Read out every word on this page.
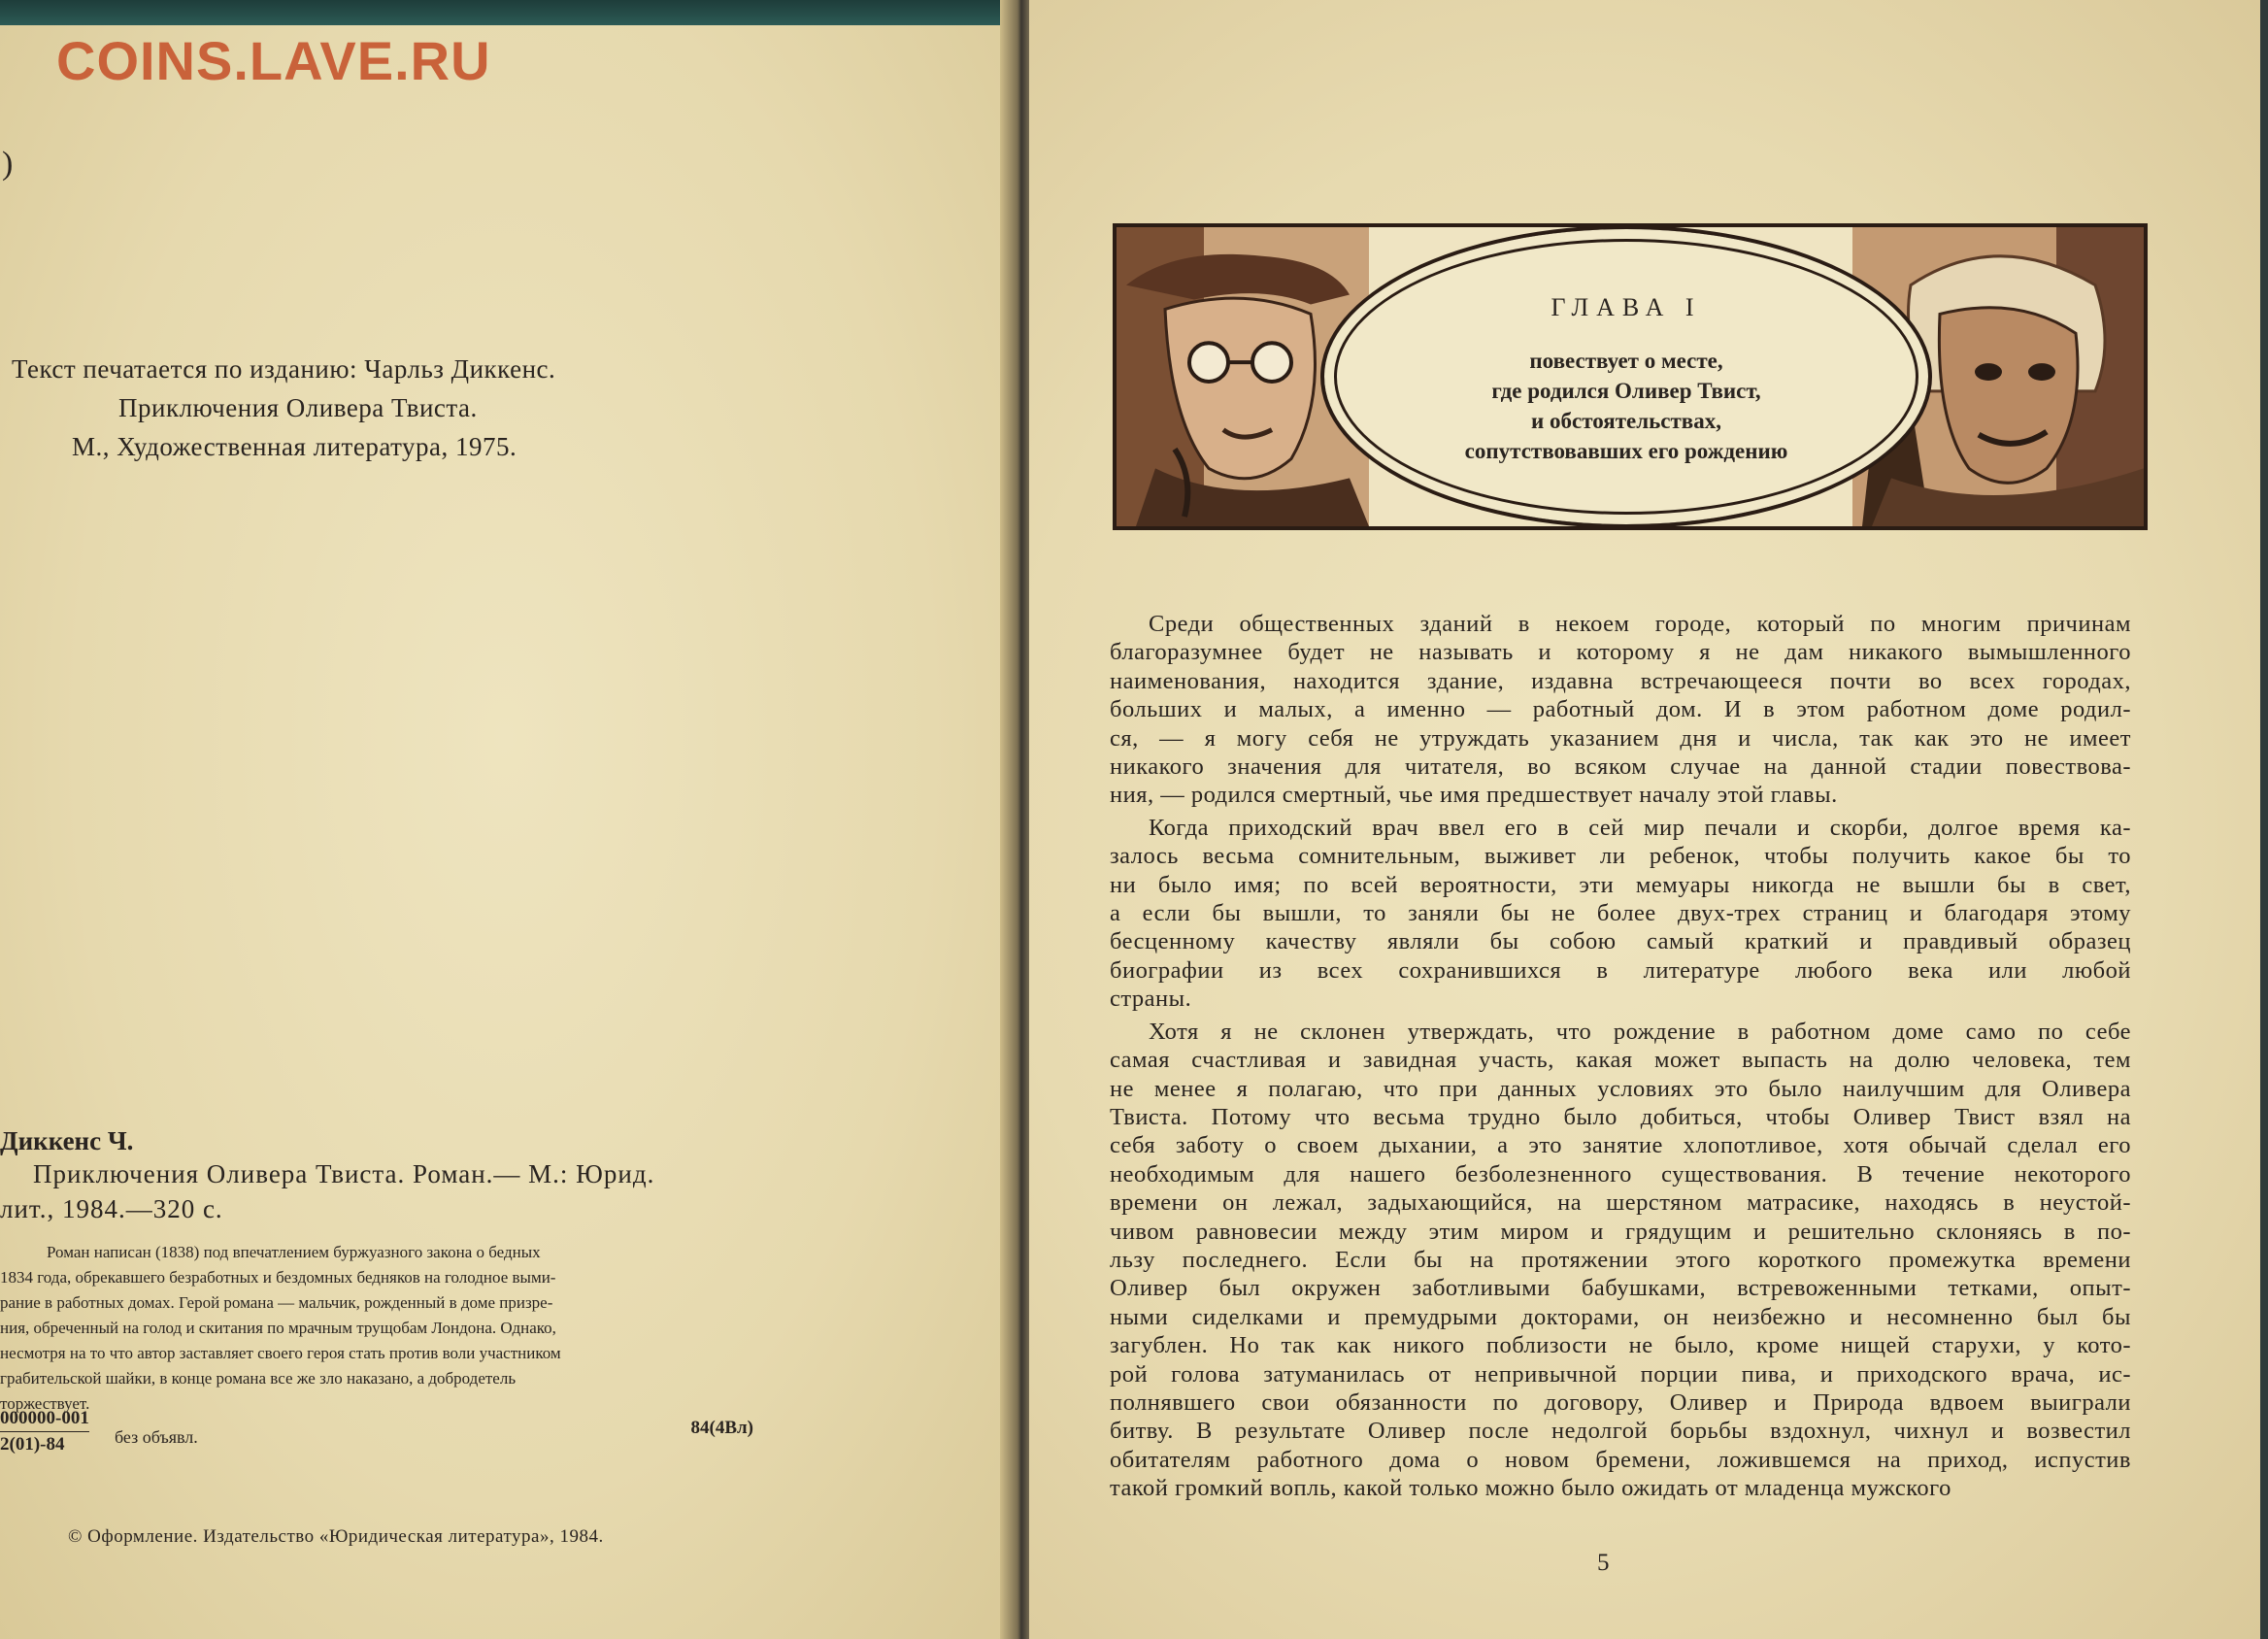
COINS.LAVE.RU
)
Текст печатается по изданию: Чарльз Диккенс.
Приключения Оливера Твиста.
М., Художественная литература, 1975.
Диккенс Ч.
Приключения Оливера Твиста. Роман.— М.: Юрид.
лит., 1984.—320 с.
Роман написан (1838) под впечатлением буржуазного закона о бедных
1834 года, обрекавшего безработных и бездомных бедняков на голодное выми-
рание в работных домах. Герой романа — мальчик, рожденный в доме призре-
ния, обреченный на голод и скитания по мрачным трущобам Лондона. Однако,
несмотря на то что автор заставляет своего героя стать против воли участником
грабительской шайки, в конце романа все же зло наказано, а добродетель
торжествует.
$\frac{000000-001}{2(01)-84}$ без объявл.	84(4Вл)
© Оформление. Издательство «Юридическая литература», 1984.
ГЛАВА I
повествует о месте,
где родился Оливер Твист,
и обстоятельствах,
сопутствовавших его рождению
Среди общественных зданий в некоем городе, который по многим причинам
благоразумнее будет не называть и которому я не дам никакого вымышленного
наименования, находится здание, издавна встречающееся почти во всех городах,
больших и малых, а именно — работный дом. И в этом работном доме родил-
ся, — я могу себя не утруждать указанием дня и числа, так как это не имеет
никакого значения для читателя, во всяком случае на данной стадии повествова-
ния, — родился смертный, чье имя предшествует началу этой главы.
Когда приходский врач ввел его в сей мир печали и скорби, долгое время ка-
залось весьма сомнительным, выживет ли ребенок, чтобы получить какое бы то
ни было имя; по всей вероятности, эти мемуары никогда не вышли бы в свет,
а если бы вышли, то заняли бы не более двух-трех страниц и благодаря этому
бесценному качеству являли бы собою самый краткий и правдивый образец
биографии из всех сохранившихся в литературе любого века или любой
страны.
Хотя я не склонен утверждать, что рождение в работном доме само по себе
самая счастливая и завидная участь, какая может выпасть на долю человека, тем
не менее я полагаю, что при данных условиях это было наилучшим для Оливера
Твиста. Потому что весьма трудно было добиться, чтобы Оливер Твист взял на
себя заботу о своем дыхании, а это занятие хлопотливое, хотя обычай сделал его
необходимым для нашего безболезненного существования. В течение некоторого
времени он лежал, задыхающийся, на шерстяном матрасике, находясь в неустой-
чивом равновесии между этим миром и грядущим и решительно склоняясь в по-
льзу последнего. Если бы на протяжении этого короткого промежутка времени
Оливер был окружен заботливыми бабушками, встревоженными тетками, опыт-
ными сиделками и премудрыми докторами, он неизбежно и несомненно был бы
загублен. Но так как никого поблизости не было, кроме нищей старухи, у кото-
рой голова затуманилась от непривычной порции пива, и приходского врача, ис-
полнявшего свои обязанности по договору, Оливер и Природа вдвоем выиграли
битву. В результате Оливер после недолгой борьбы вздохнул, чихнул и возвестил
обитателям работного дома о новом бремени, ложившемся на приход, испустив
такой громкий вопль, какой только можно было ожидать от младенца мужского
5
